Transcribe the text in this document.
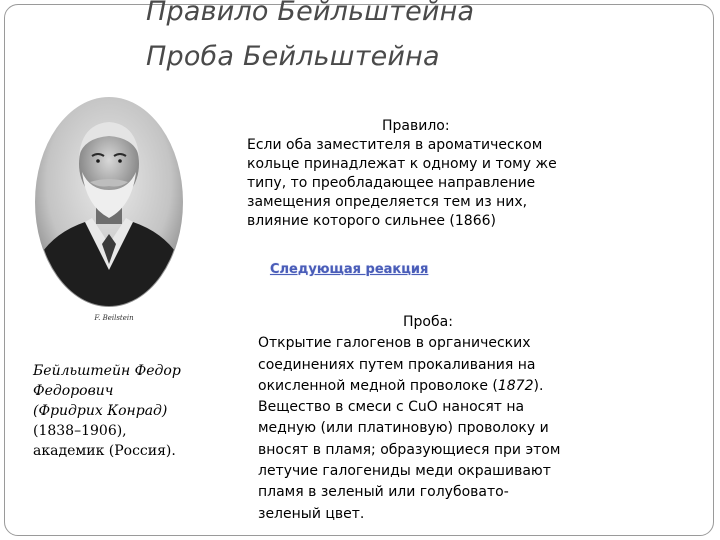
Правило Бейльштейна
Проба Бейльштейна
F. Beilstein
Бейльштейн Федор
Федорович
(Фридрих Конрад)
(1838–1906),
академик (Россия).
Правило:
Если оба заместителя в ароматическом
кольце принадлежат к одному и тому же
типу, то преобладающее направление
замещения определяется тем из них,
влияние которого сильнее (1866)
Следующая реакция
Проба:
Открытие галогенов в органических
соединениях путем прокаливания на
окисленной медной проволоке (1872).
Вещество в смеси с CuO наносят на
медную (или платиновую) проволоку и
вносят в пламя; образующиеся при этом
летучие галогениды меди окрашивают
пламя в зеленый или голубовато-
зеленый цвет.
